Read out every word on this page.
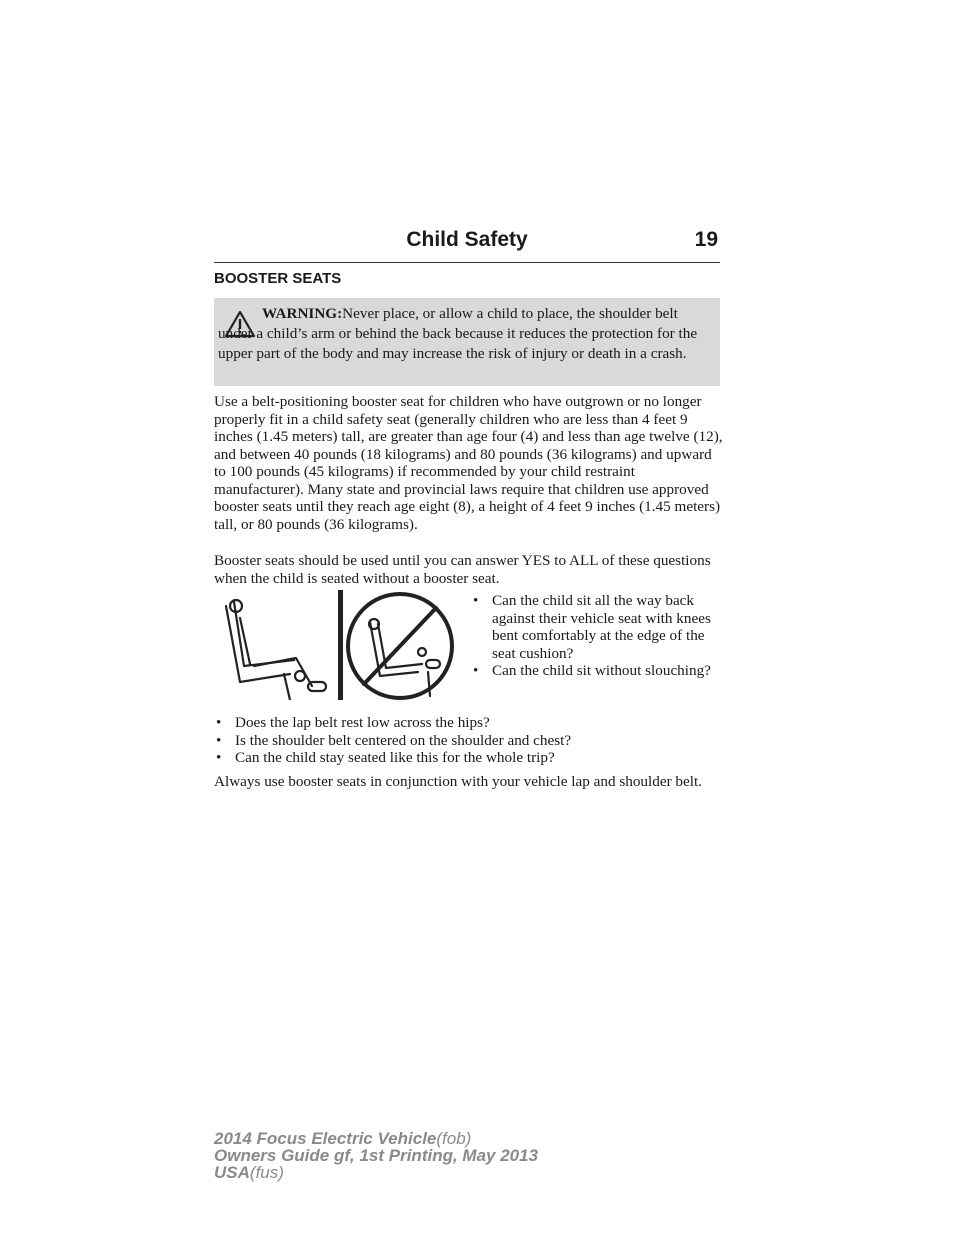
Child Safety	19
BOOSTER SEATS

WARNING:Never place, or allow a child to place, the shoulder belt under a child’s arm or behind the back because it reduces the protection for the upper part of the body and may increase the risk of injury or death in a crash.

Use a belt-positioning booster seat for children who have outgrown or no longer properly fit in a child safety seat (generally children who are less than 4 feet 9 inches (1.45 meters) tall, are greater than age four (4) and less than age twelve (12), and between 40 pounds (18 kilograms) and 80 pounds (36 kilograms) and upward to 100 pounds (45 kilograms) if recommended by your child restraint manufacturer). Many state and provincial laws require that children use approved booster seats until they reach age eight (8), a height of 4 feet 9 inches (1.45 meters) tall, or 80 pounds (36 kilograms).

Booster seats should be used until you can answer YES to ALL of these questions when the child is seated without a booster seat.

• Can the child sit all the way back against their vehicle seat with knees bent comfortably at the edge of the seat cushion?
• Can the child sit without slouching?
• Does the lap belt rest low across the hips?
• Is the shoulder belt centered on the shoulder and chest?
• Can the child stay seated like this for the whole trip?

Always use booster seats in conjunction with your vehicle lap and shoulder belt.

2014 Focus Electric Vehicle(fob)
Owners Guide gf, 1st Printing, May 2013
USA(fus)
